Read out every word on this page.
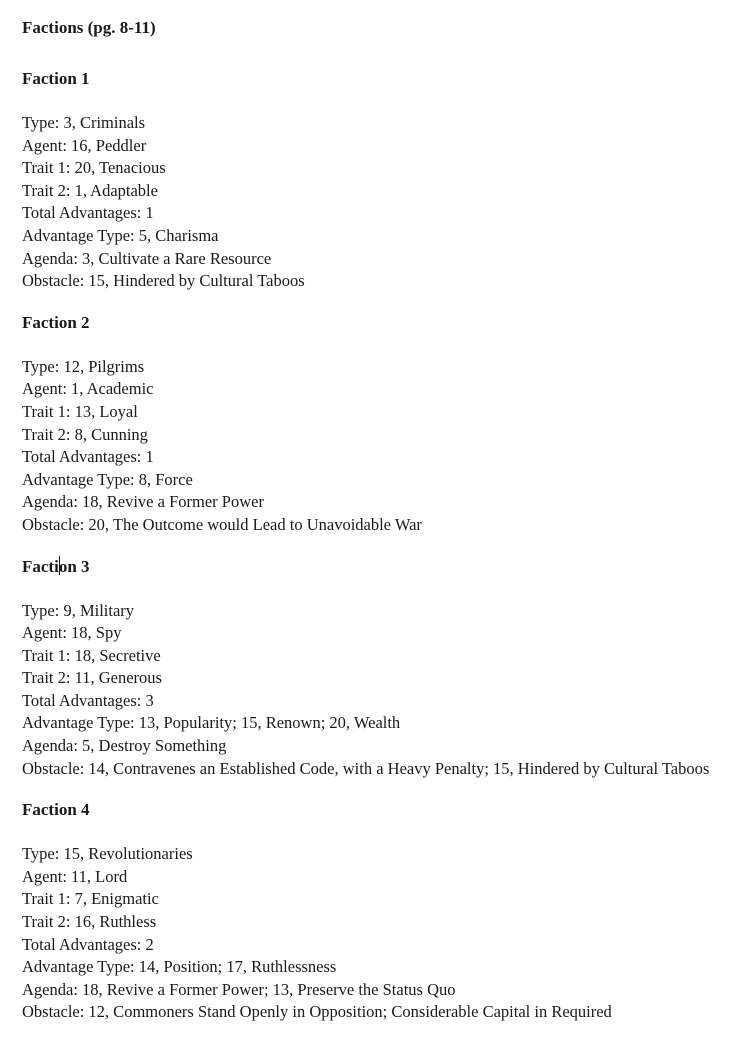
Factions (pg. 8-11)
Faction 1
Type: 3, Criminals
Agent: 16, Peddler
Trait 1: 20, Tenacious
Trait 2: 1, Adaptable
Total Advantages: 1
Advantage Type: 5, Charisma
Agenda: 3, Cultivate a Rare Resource
Obstacle: 15, Hindered by Cultural Taboos
Faction 2
Type: 12, Pilgrims
Agent: 1, Academic
Trait 1: 13, Loyal
Trait 2: 8, Cunning
Total Advantages: 1
Advantage Type: 8, Force
Agenda: 18, Revive a Former Power
Obstacle: 20, The Outcome would Lead to Unavoidable War
Faction 3
Type: 9, Military
Agent: 18, Spy
Trait 1: 18, Secretive
Trait 2: 11, Generous
Total Advantages: 3
Advantage Type: 13, Popularity; 15, Renown; 20, Wealth
Agenda: 5, Destroy Something
Obstacle: 14, Contravenes an Established Code, with a Heavy Penalty; 15, Hindered by Cultural Taboos
Faction 4
Type: 15, Revolutionaries
Agent: 11, Lord
Trait 1: 7, Enigmatic
Trait 2: 16, Ruthless
Total Advantages: 2
Advantage Type: 14, Position; 17, Ruthlessness
Agenda: 18, Revive a Former Power; 13, Preserve the Status Quo
Obstacle: 12, Commoners Stand Openly in Opposition; Considerable Capital in Required
